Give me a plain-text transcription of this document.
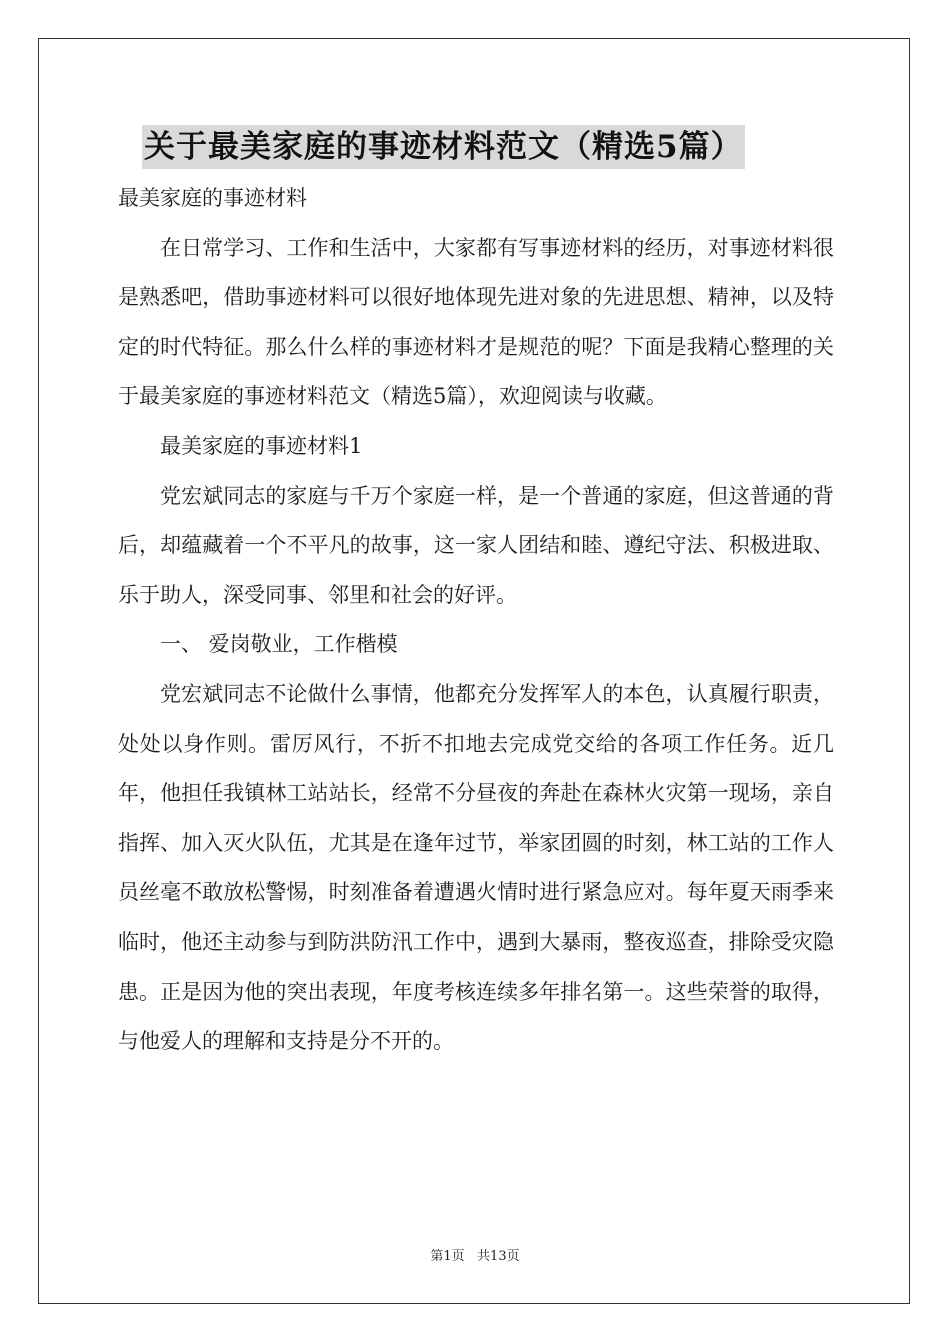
关于最美家庭的事迹材料范文（精选5篇）

最美家庭的事迹材料

在日常学习、工作和生活中，大家都有写事迹材料的经历，对事迹材料很是熟悉吧，借助事迹材料可以很好地体现先进对象的先进思想、精神，以及特定的时代特征。那么什么样的事迹材料才是规范的呢？下面是我精心整理的关于最美家庭的事迹材料范文（精选5篇），欢迎阅读与收藏。

最美家庭的事迹材料1

党宏斌同志的家庭与千万个家庭一样，是一个普通的家庭，但这普通的背后，却蕴藏着一个不平凡的故事，这一家人团结和睦、遵纪守法、积极进取、乐于助人，深受同事、邻里和社会的好评。

一、 爱岗敬业，工作楷模

党宏斌同志不论做什么事情，他都充分发挥军人的本色，认真履行职责，处处以身作则。雷厉风行，不折不扣地去完成党交给的各项工作任务。近几年，他担任我镇林工站站长，经常不分昼夜的奔赴在森林火灾第一现场，亲自指挥、加入灭火队伍，尤其是在逢年过节，举家团圆的时刻，林工站的工作人员丝毫不敢放松警惕，时刻准备着遭遇火情时进行紧急应对。每年夏天雨季来临时，他还主动参与到防洪防汛工作中，遇到大暴雨，整夜巡查，排除受灾隐患。正是因为他的突出表现，年度考核连续多年排名第一。这些荣誉的取得，与他爱人的理解和支持是分不开的。

第1页   共13页
